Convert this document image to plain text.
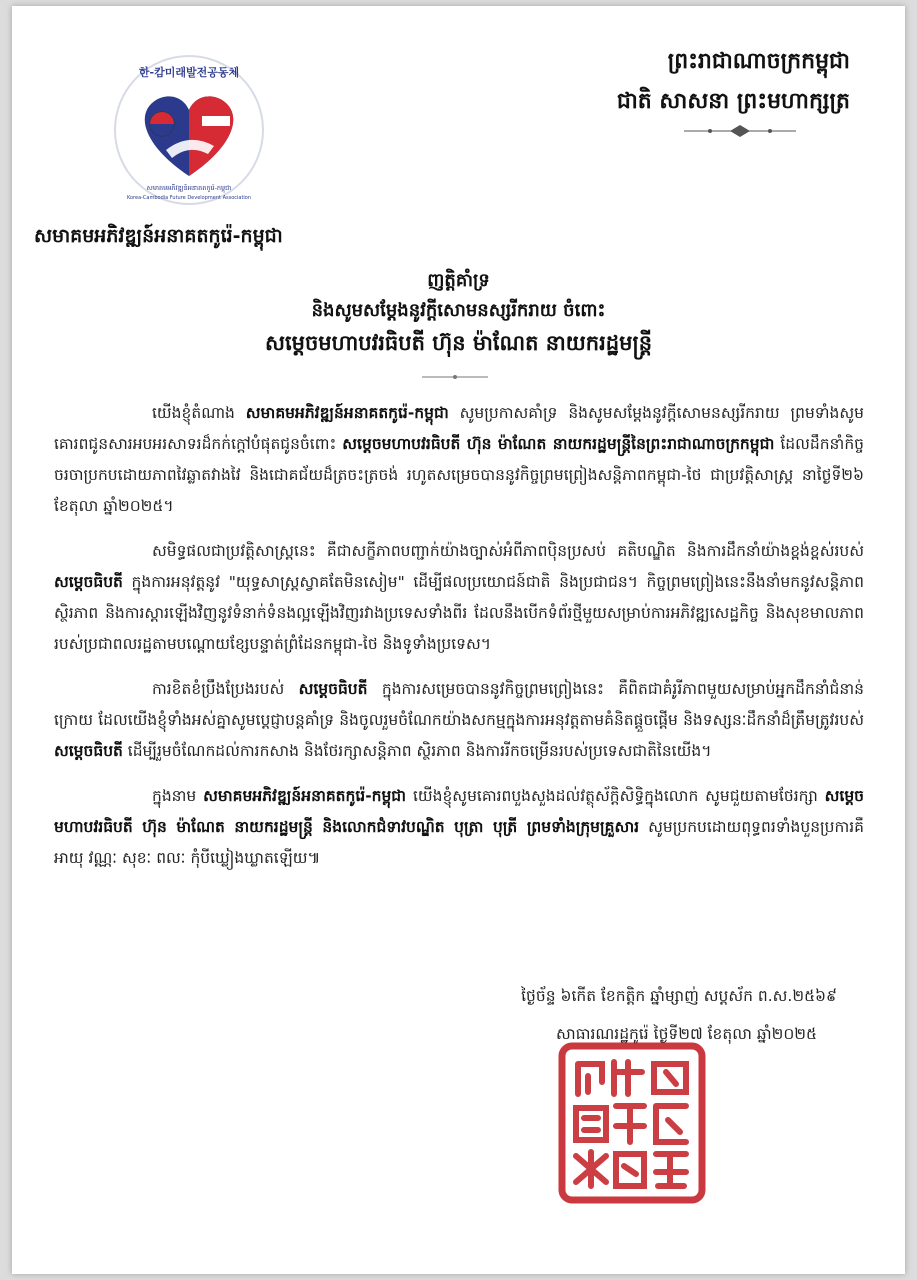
한-캄미래발전공동체
សមាគមអភិវឌ្ឍន៍អនាគតកូរ៉េ-កម្ពុជា
Korea-Cambodia Future Development Association
សមាគមអភិវឌ្ឍន៍អនាគតកូរ៉េ-កម្ពុជា
ព្រះរាជាណាចក្រកម្ពុជា
ជាតិ សាសនា ព្រះមហាក្សត្រ
ញត្តិគាំទ្រ
និងសូមសម្ដែងនូវក្ដីសោមនស្សរីករាយ ចំពោះ
សម្ដេចមហាបវរធិបតី ហ៊ុន ម៉ាណែត នាយករដ្ឋមន្ត្រី

យើងខ្ញុំតំណាង សមាគមអភិវឌ្ឍន៍អនាគតកូរ៉េ-កម្ពុជា សូមប្រកាសគាំទ្រ និងសូមសម្ដែងនូវក្ដីសោមនស្សរីករាយ ព្រមទាំងសូមគោរពជូនសារអបអរសាទរដ៏កក់ក្ដៅបំផុតជូនចំពោះ សម្ដេចមហាបវរធិបតី ហ៊ុន ម៉ាណែត នាយករដ្ឋមន្ត្រីនៃព្រះរាជាណាចក្រកម្ពុជា ដែលដឹកនាំកិច្ចចរចាប្រកបដោយភាពវៃឆ្លាតវាងវៃ និងជោគជ័យដ៏ត្រចះត្រចង់ រហូតសម្រេចបាននូវកិច្ចព្រមព្រៀងសន្តិភាពកម្ពុជា-ថៃ ជាប្រវត្តិសាស្ត្រ នាថ្ងៃទី២៦ ខែតុលា ឆ្នាំ២០២៥។

សមិទ្ធផលជាប្រវត្តិសាស្ត្រនេះ គឺជាសក្ខីភាពបញ្ជាក់យ៉ាងច្បាស់អំពីភាពប៉ិនប្រសប់ គតិបណ្ឌិត និងការដឹកនាំយ៉ាងខ្ពង់ខ្ពស់របស់ សម្ដេចធិបតី ក្នុងការអនុវត្តនូវ "យុទ្ធសាស្ត្រស្វាគតែមិនសៀម" ដើម្បីផលប្រយោជន៍ជាតិ និងប្រជាជន។ កិច្ចព្រមព្រៀងនេះនឹងនាំមកនូវសន្តិភាព ស្ថិរភាព និងការស្ដារឡើងវិញនូវទំនាក់ទំនងល្អឡើងវិញរវាងប្រទេសទាំងពីរ ដែលនឹងបើកទំព័រថ្មីមួយសម្រាប់ការអភិវឌ្ឍសេដ្ឋកិច្ច និងសុខមាលភាពរបស់ប្រជាពលរដ្ឋតាមបណ្ដោយខ្សែបន្ទាត់ព្រំដែនកម្ពុជា-ថៃ និងទូទាំងប្រទេស។

ការខិតខំប្រឹងប្រែងរបស់ សម្ដេចធិបតី ក្នុងការសម្រេចបាននូវកិច្ចព្រមព្រៀងនេះ គឺពិតជាគំរូរីភាពមួយសម្រាប់អ្នកដឹកនាំជំនាន់ក្រោយ ដែលយើងខ្ញុំទាំងអស់គ្នាសូមប្ដេជ្ញាបន្តគាំទ្រ និងចូលរួមចំណែកយ៉ាងសកម្មក្នុងការអនុវត្តតាមគំនិតផ្ដួចផ្ដើម និងទស្សនៈដឹកនាំដ៏ត្រឹមត្រូវរបស់ សម្ដេចធិបតី ដើម្បីរួមចំណែកដល់ការកសាង និងថែរក្សាសន្តិភាព ស្ថិរភាព និងការរីកចម្រើនរបស់ប្រទេសជាតិនៃយើង។

ក្នុងនាម សមាគមអភិវឌ្ឍន៍អនាគតកូរ៉េ-កម្ពុជា យើងខ្ញុំសូមគោរពបួងសួងដល់វត្ថុស័ក្តិសិទ្ធិក្នុងលោក សូមជួយតាមថែរក្សា សម្ដេចមហាបវរធិបតី ហ៊ុន ម៉ាណែត នាយករដ្ឋមន្ត្រី និងលោកជំទាវបណ្ឌិត បុត្រា បុត្រី ព្រមទាំងក្រុមគ្រួសារ សូមប្រកបដោយពុទ្ធពរទាំងបួនប្រការគឺ អាយុ វណ្ណៈ សុខៈ ពលៈ កុំបីឃ្លៀងឃ្លាតឡើយ៕

ថ្ងៃច័ន្ទ ៦កើត ខែកត្តិក ឆ្នាំម្សាញ់ សប្តស័ក ព.ស.២៥៦៩
សាធារណរដ្ឋកូរ៉េ ថ្ងៃទី២៧ ខែតុលា ឆ្នាំ២០២៥
